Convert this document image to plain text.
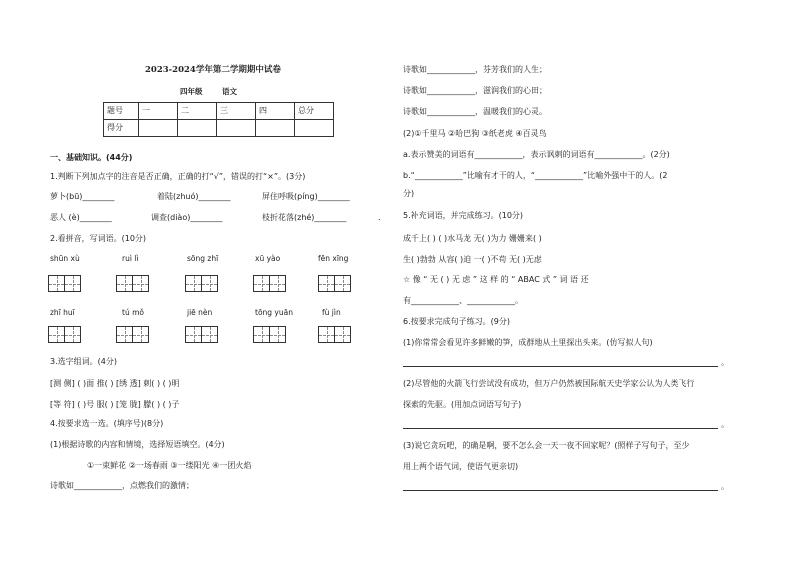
2023-2024学年第二学期期中试卷
四年级	语文
题号	一	二	三	四	总分
得分					
一、基础知识。(44分)
1.判断下列加点字的注音是否正确，正确的打“√”，错误的打“×”。(3分)
萝卜(bū)________	着陆(zhuó)________	屏住呼吸(píng)________
恶人 (è)________	调查(diào)________	枝折花落(zhé)________	.
2.看拼音，写词语。(10分)
shūn xù	ruì lì	sōng zhī	xū yào	fēn xīng
zhī huī	tú mǒ	jiē nèn	tōng yuān	fù jìn
3.选字组词。(4分)
[测 侧] ( )面 推( ) [绣 透] 刺( ) ( )明
[等 符] ( )号 服( ) [笼 胧] 朦( ) ( )子
4.按要求选一选。(填序号)(8分)
(1)根据诗歌的内容和情境，选择短语填空。(4分)
①一束鲜花 ②一场春雨 ③一缕阳光 ④一团火焰
诗歌如____________，点燃我们的激情；
诗歌如____________，芬芳我们的人生；
诗歌如____________，滋润我们的心田；
诗歌如____________，温暖我们的心灵。
(2)①千里马 ②哈巴狗 ③纸老虎 ④百灵鸟
a.表示赞美的词语有____________，表示讽刺的词语有____________。(2分)
b.“____________”比喻有才干的人，“____________”比喻外强中干的人。(2
分)
5.补充词语，并完成练习。(10分)
成千上( ) ( )水马龙 无( )为力 姗姗来( )
生( )勃勃 从容( )迫 一( )不苟 无( )无虑
☆ 像 “ 无 ( ) 无 虑 ” 这 样 的 “ ABAC 式 ” 词 语 还
有____________、____________。
6.按要求完成句子练习。(9分)
(1)你常常会看见许多鲜嫩的笋，成群地从土里探出头来。(仿写拟人句)
。
(2)尽管他的火箭飞行尝试没有成功，但万户仍然被国际航天史学家公认为人类飞行
探索的先驱。(用加点词语写句子)
。
(3)说它贪玩吧，的确是啊，要不怎么会一天一夜不回家呢？(照样子写句子，至少
用上两个语气词，使语气更亲切)
。
